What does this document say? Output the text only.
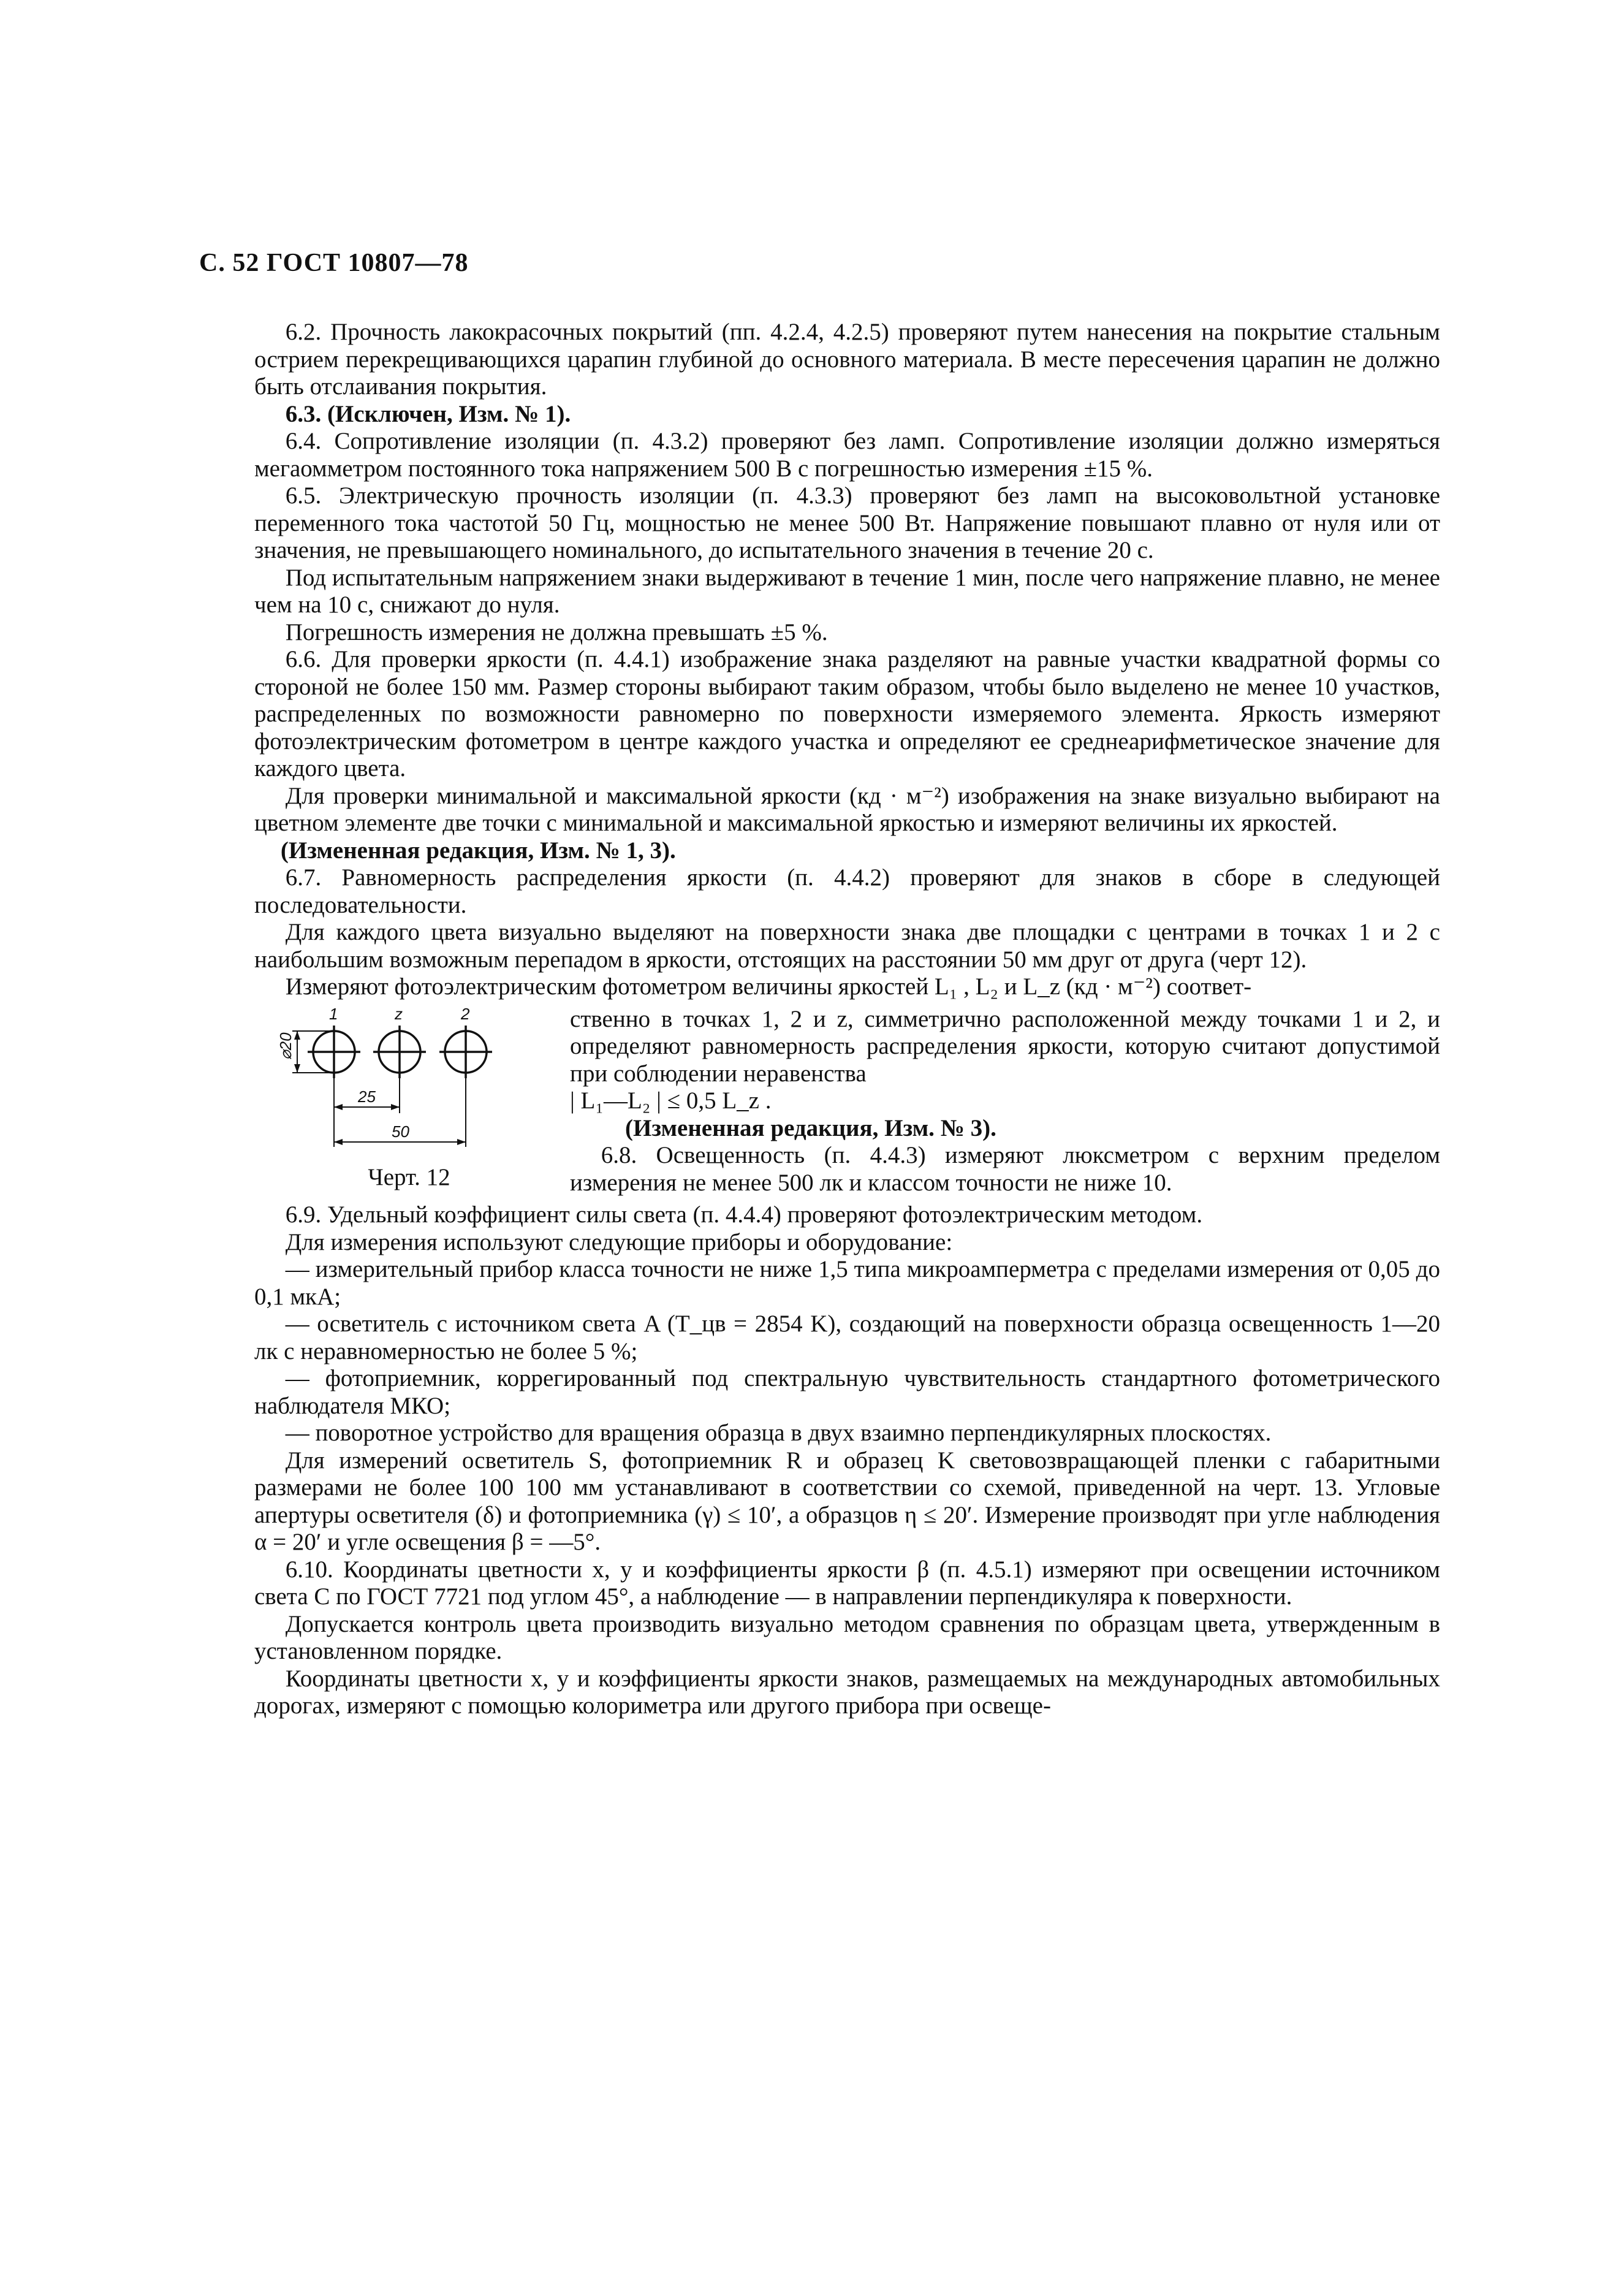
С. 52 ГОСТ 10807—78

6.2. Прочность лакокрасочных покрытий (пп. 4.2.4, 4.2.5) проверяют путем нанесения на покрытие стальным острием перекрещивающихся царапин глубиной до основного материала. В месте пересечения царапин не должно быть отслаивания покрытия.

6.3. (Исключен, Изм. № 1).

6.4. Сопротивление изоляции (п. 4.3.2) проверяют без ламп. Сопротивление изоляции должно измеряться мегаомметром постоянного тока напряжением 500 В с погрешностью измерения ±15 %.

6.5. Электрическую прочность изоляции (п. 4.3.3) проверяют без ламп на высоковольтной установке переменного тока частотой 50 Гц, мощностью не менее 500 Вт. Напряжение повышают плавно от нуля или от значения, не превышающего номинального, до испытательного значения в течение 20 с.

Под испытательным напряжением знаки выдерживают в течение 1 мин, после чего напряжение плавно, не менее чем на 10 с, снижают до нуля.

Погрешность измерения не должна превышать ±5 %.

6.6. Для проверки яркости (п. 4.4.1) изображение знака разделяют на равные участки квадратной формы со стороной не более 150 мм. Размер стороны выбирают таким образом, чтобы было выделено не менее 10 участков, распределенных по возможности равномерно по поверхности измеряемого элемента. Яркость измеряют фотоэлектрическим фотометром в центре каждого участка и определяют ее среднеарифметическое значение для каждого цвета.

Для проверки минимальной и максимальной яркости (кд · м⁻²) изображения на знаке визуально выбирают на цветном элементе две точки с минимальной и максимальной яркостью и измеряют величины их яркостей.

(Измененная редакция, Изм. № 1, 3).

6.7. Равномерность распределения яркости (п. 4.4.2) проверяют для знаков в сборе в следующей последовательности.

Для каждого цвета визуально выделяют на поверхности знака две площадки с центрами в точках 1 и 2 с наибольшим возможным перепадом в яркости, отстоящих на расстоянии 50 мм друг от друга (черт 12).

Измеряют фотоэлектрическим фотометром величины яркостей L₁ , L₂ и L_z (кд · м⁻²) соответ-

1	z	2
25
50
⌀20
Черт. 12

ственно в точках 1, 2 и z, симметрично расположенной между точками 1 и 2, и определяют равномерность распределения яркости, которую считают допустимой при соблюдении неравенства

| L₁—L₂ | ≤ 0,5 L_z .

(Измененная редакция, Изм. № 3).

6.8. Освещенность (п. 4.4.3) измеряют люксметром с верхним пределом измерения не менее 500 лк и классом точности не ниже 10.

6.9. Удельный коэффициент силы света (п. 4.4.4) проверяют фотоэлектрическим методом.

Для измерения используют следующие приборы и оборудование:

— измерительный прибор класса точности не ниже 1,5 типа микроамперметра с пределами измерения от 0,05 до 0,1 мкА;

— осветитель с источником света A (T_цв = 2854 K), создающий на поверхности образца освещенность 1—20 лк с неравномерностью не более 5 %;

— фотоприемник, коррегированный под спектральную чувствительность стандартного фотометрического наблюдателя МКО;

— поворотное устройство для вращения образца в двух взаимно перпендикулярных плоскостях.

Для измерений осветитель S, фотоприемник R и образец K световозвращающей пленки с габаритными размерами не более 100 100 мм устанавливают в соответствии со схемой, приведенной на черт. 13. Угловые апертуры осветителя (δ) и фотоприемника (γ) ≤ 10′, а образцов η ≤ 20′. Измерение производят при угле наблюдения α = 20′ и угле освещения β = —5°.

6.10. Координаты цветности x, y и коэффициенты яркости β (п. 4.5.1) измеряют при освещении источником света C по ГОСТ 7721 под углом 45°, а наблюдение — в направлении перпендикуляра к поверхности.

Допускается контроль цвета производить визуально методом сравнения по образцам цвета, утвержденным в установленном порядке.

Координаты цветности x, y и коэффициенты яркости знаков, размещаемых на международных автомобильных дорогах, измеряют с помощью колориметра или другого прибора при освеще-
